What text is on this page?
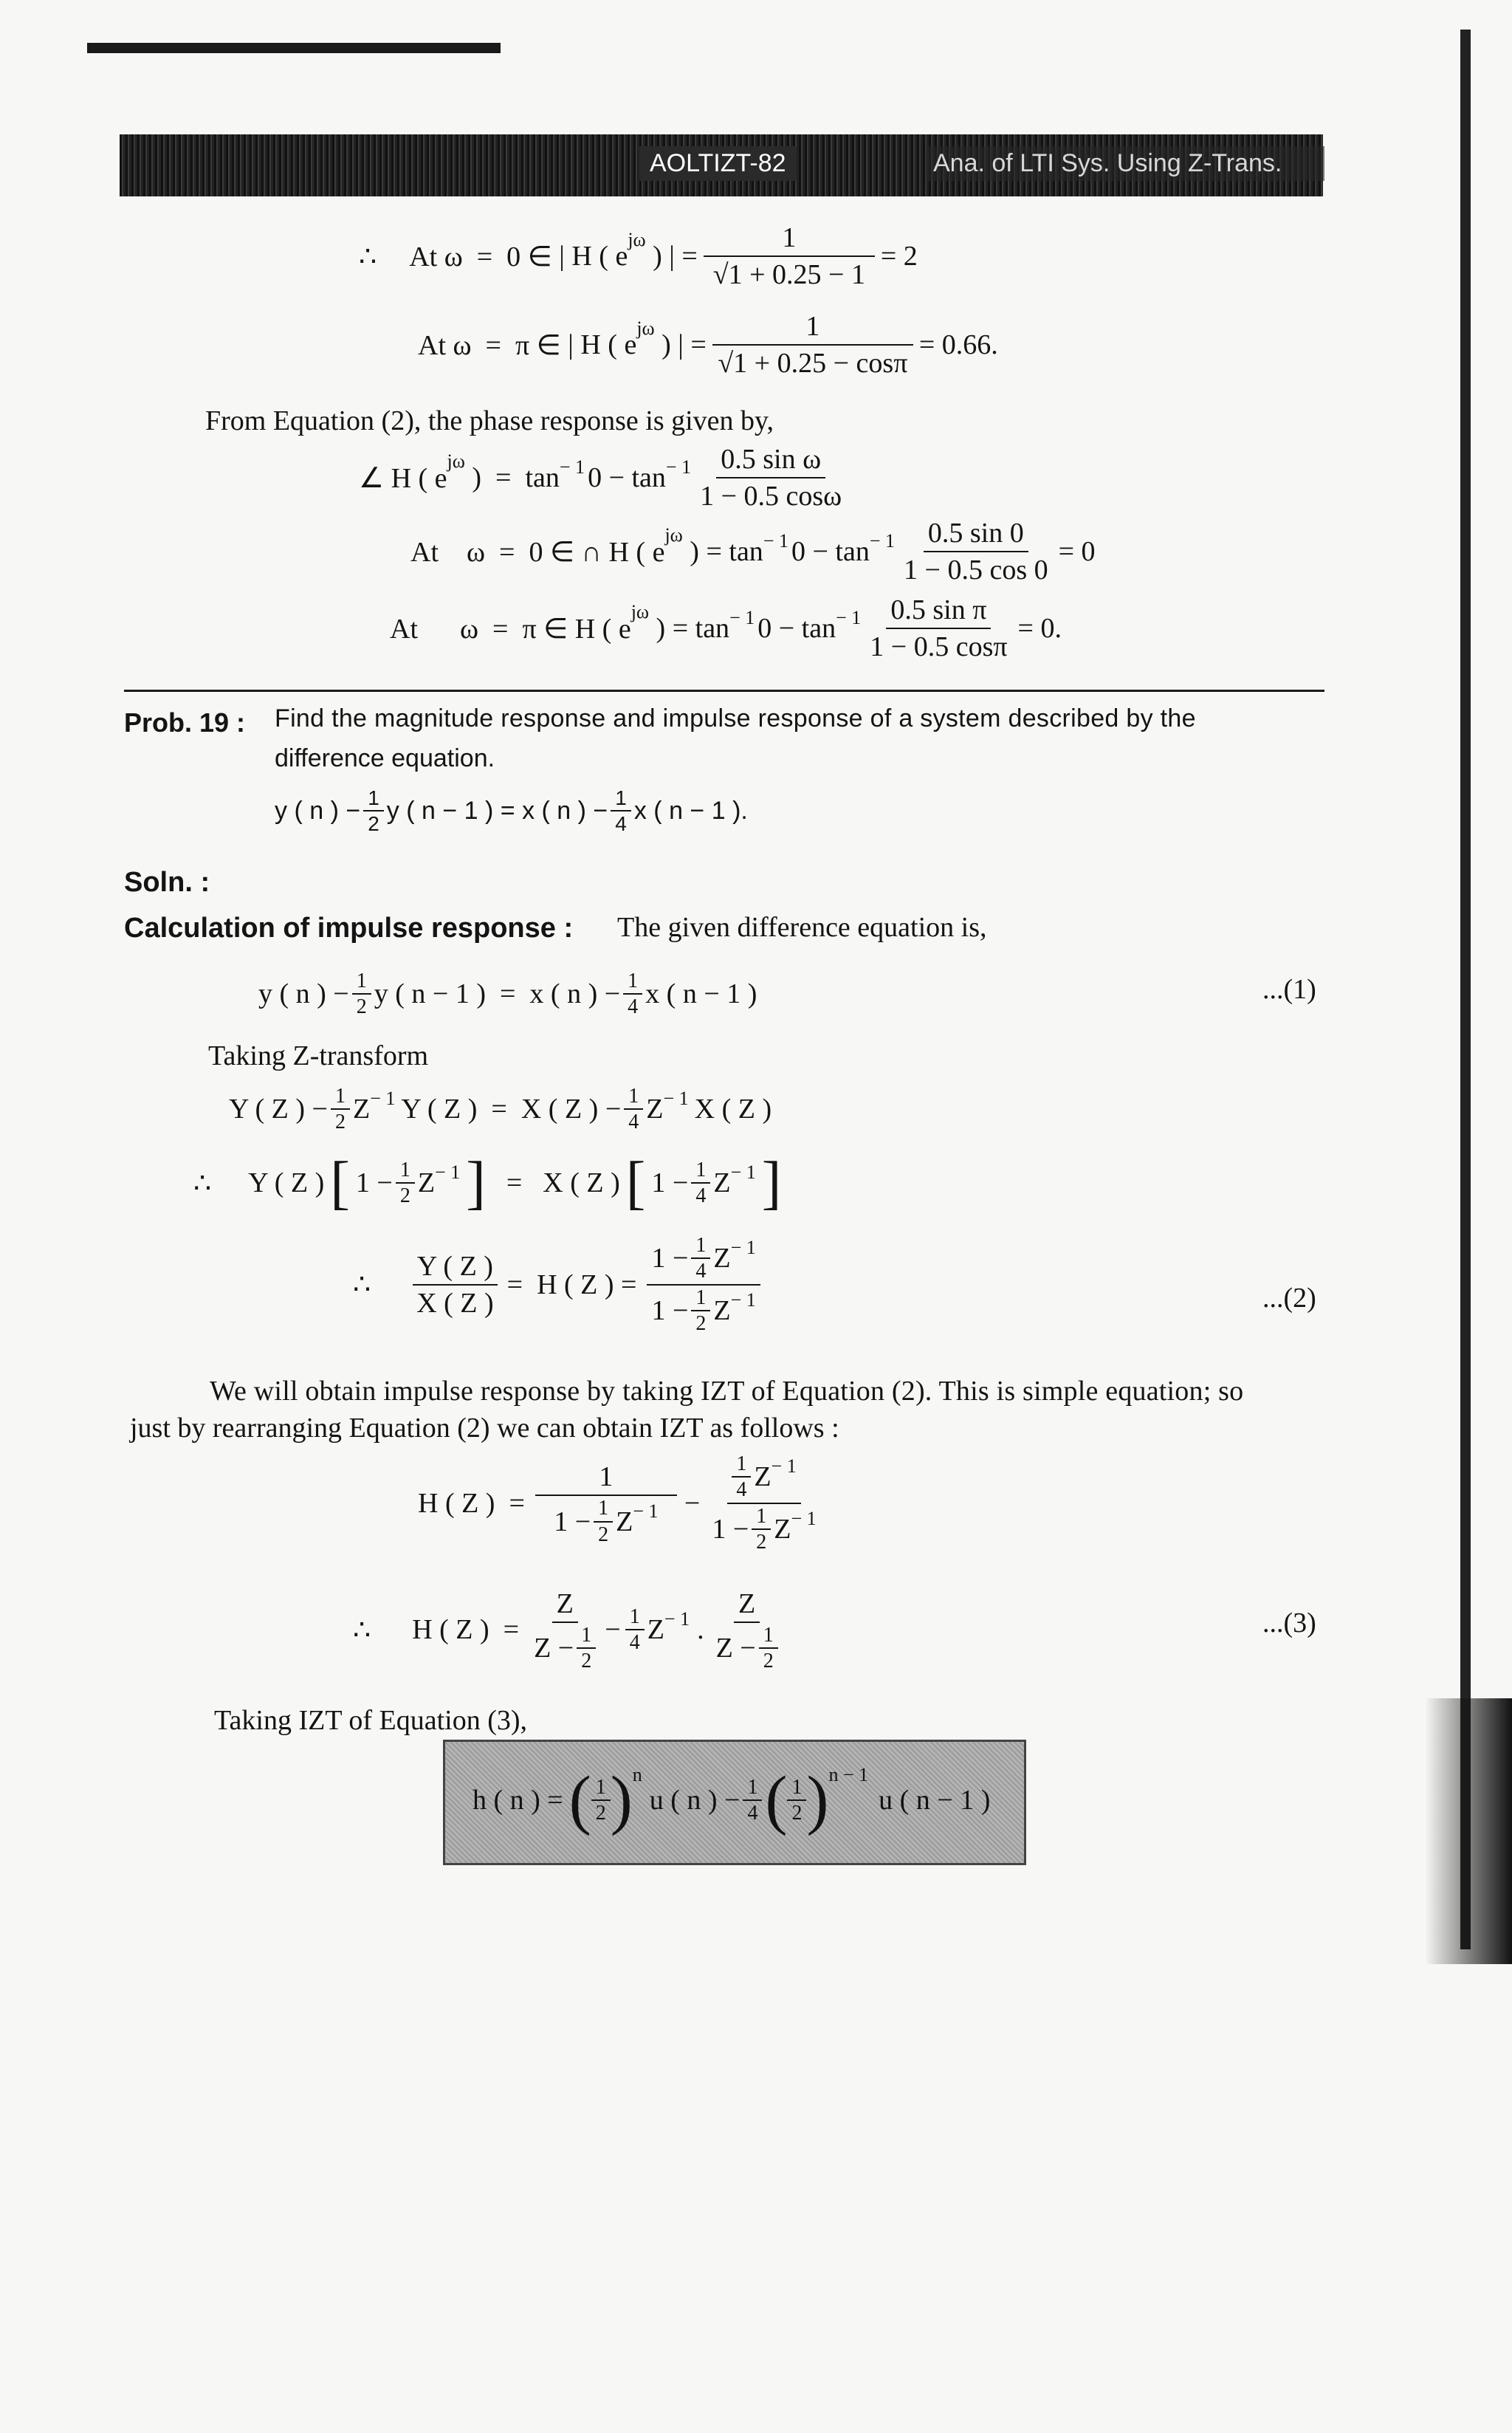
AOLTIZT-82	Ana. of LTI Sys. Using Z-Trans.
∴ At ω  =  0 ∈ | H ( e
jω
) | = $\frac{1}{√1 + 0.25 - 1} = 2$
At ω  =  π ∈ | H ( e
jω
) | = $\frac{1}{√1 + 0.25 - \cos\pi} = 0.66$.
From Equation (2), the phase response is given by,
∠ H ( e
jω
)  =  tan − 1 $0 - \tan - 1 \frac{\text{0.5 sin ω}}{1 - 0.5 \cos\omega}$
At    ω  =  0 ∈ ∩ H ( e
jω
) = tan − 1 $0 - \tan - 1 \frac{0.5 \sin 0}{1 - 0.5 \cos 0} = 0$
At      ω  =  π ∈ H ( e
jω
) = tan − 1 $0 - \tan - 1 \frac{\text{0.5 sin π}}{1 - 0.5 \cos\pi} = 0$.
Prob. 19 : Find the magnitude response and impulse response of a system described by the
difference equation.
y ( n ) − $\frac{1}{2}$ y ( n − 1 ) = x ( n ) − $\frac{1}{4}$ x ( n − 1 ).
Soln. :
Calculation of impulse response : The given difference equation is,
y ( n ) − $\frac{1}{2}$ y ( n − 1 )  =  x ( n ) − $\frac{1}{4}$ x ( n − 1 )	...(1)
Taking Z-transform
Y ( Z ) − $\frac{1}{2}$ Z − 1 Y ( Z )  =  X ( Z ) − $\frac{1}{4}$ Z − 1 X ( Z )
∴ Y ( Z ) [ $1 - \frac{1}{2}$ Z − 1 ] = X ( Z ) [ $1 - \frac{1}{4}$ Z − 1 ]
∴ $\frac{Y ( Z )}{X ( Z )} = H$ ( Z ) = $\frac{1 - \frac{1}{4} Z - 1}{1 - \frac{1}{2} Z - 1}$	...(2)
We will obtain impulse response by taking IZT of Equation (2). This is simple equation; so
just by rearranging Equation (2) we can obtain IZT as follows :
H ( Z )  = $\frac{1}{1 - \frac{1}{2} Z - 1} - \frac{\frac{1}{4} Z - 1}{1 - \frac{1}{2} Z - 1}$
∴ H ( Z )  = $\frac{Z}{Z - \frac{1}{2}} - \frac{1}{4}$ Z − 1 . $\frac{Z}{Z - \frac{1}{2}}$	...(3)
Taking IZT of Equation (3),
h ( n ) = ( $\frac{1}{2}$ ) n
u ( n ) − $\frac{1}{4}$ ( $\frac{1}{2}$ ) n − 1
u ( n − 1 )
